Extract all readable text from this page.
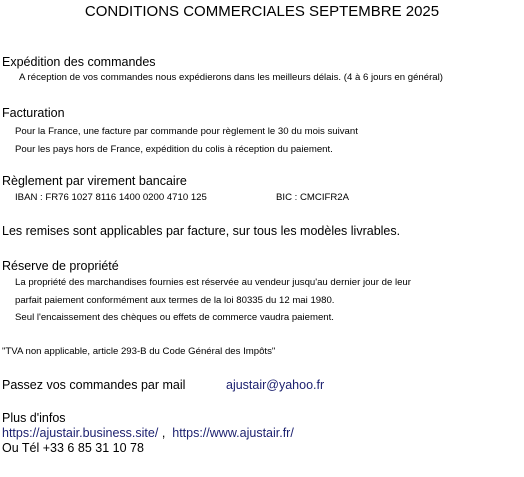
CONDITIONS COMMERCIALES SEPTEMBRE 2025
Expédition des commandes
A réception de vos commandes nous expédierons dans les meilleurs délais. (4 à 6 jours en général)
Facturation
Pour la France, une facture par commande pour règlement le 30 du mois suivant
Pour les pays hors de France, expédition du colis à réception du paiement.
Règlement par virement bancaire
IBAN : FR76 1027 8116 1400 0200 4710 125	BIC : CMCIFR2A
Les remises sont applicables par facture, sur tous les modèles livrables.
Réserve de propriété
La propriété des marchandises fournies est réservée au vendeur jusqu'au dernier jour de leur
parfait paiement conformément aux termes de la loi 80335 du 12 mai 1980.
Seul l'encaissement des chèques ou effets de commerce vaudra paiement.
"TVA non applicable, article 293-B du Code Général des Impôts"
Passez vos commandes par mail	ajustair@yahoo.fr
Plus d'infos
https://ajustair.business.site/ ,  https://www.ajustair.fr/
Ou Tél +33 6 85 31 10 78
